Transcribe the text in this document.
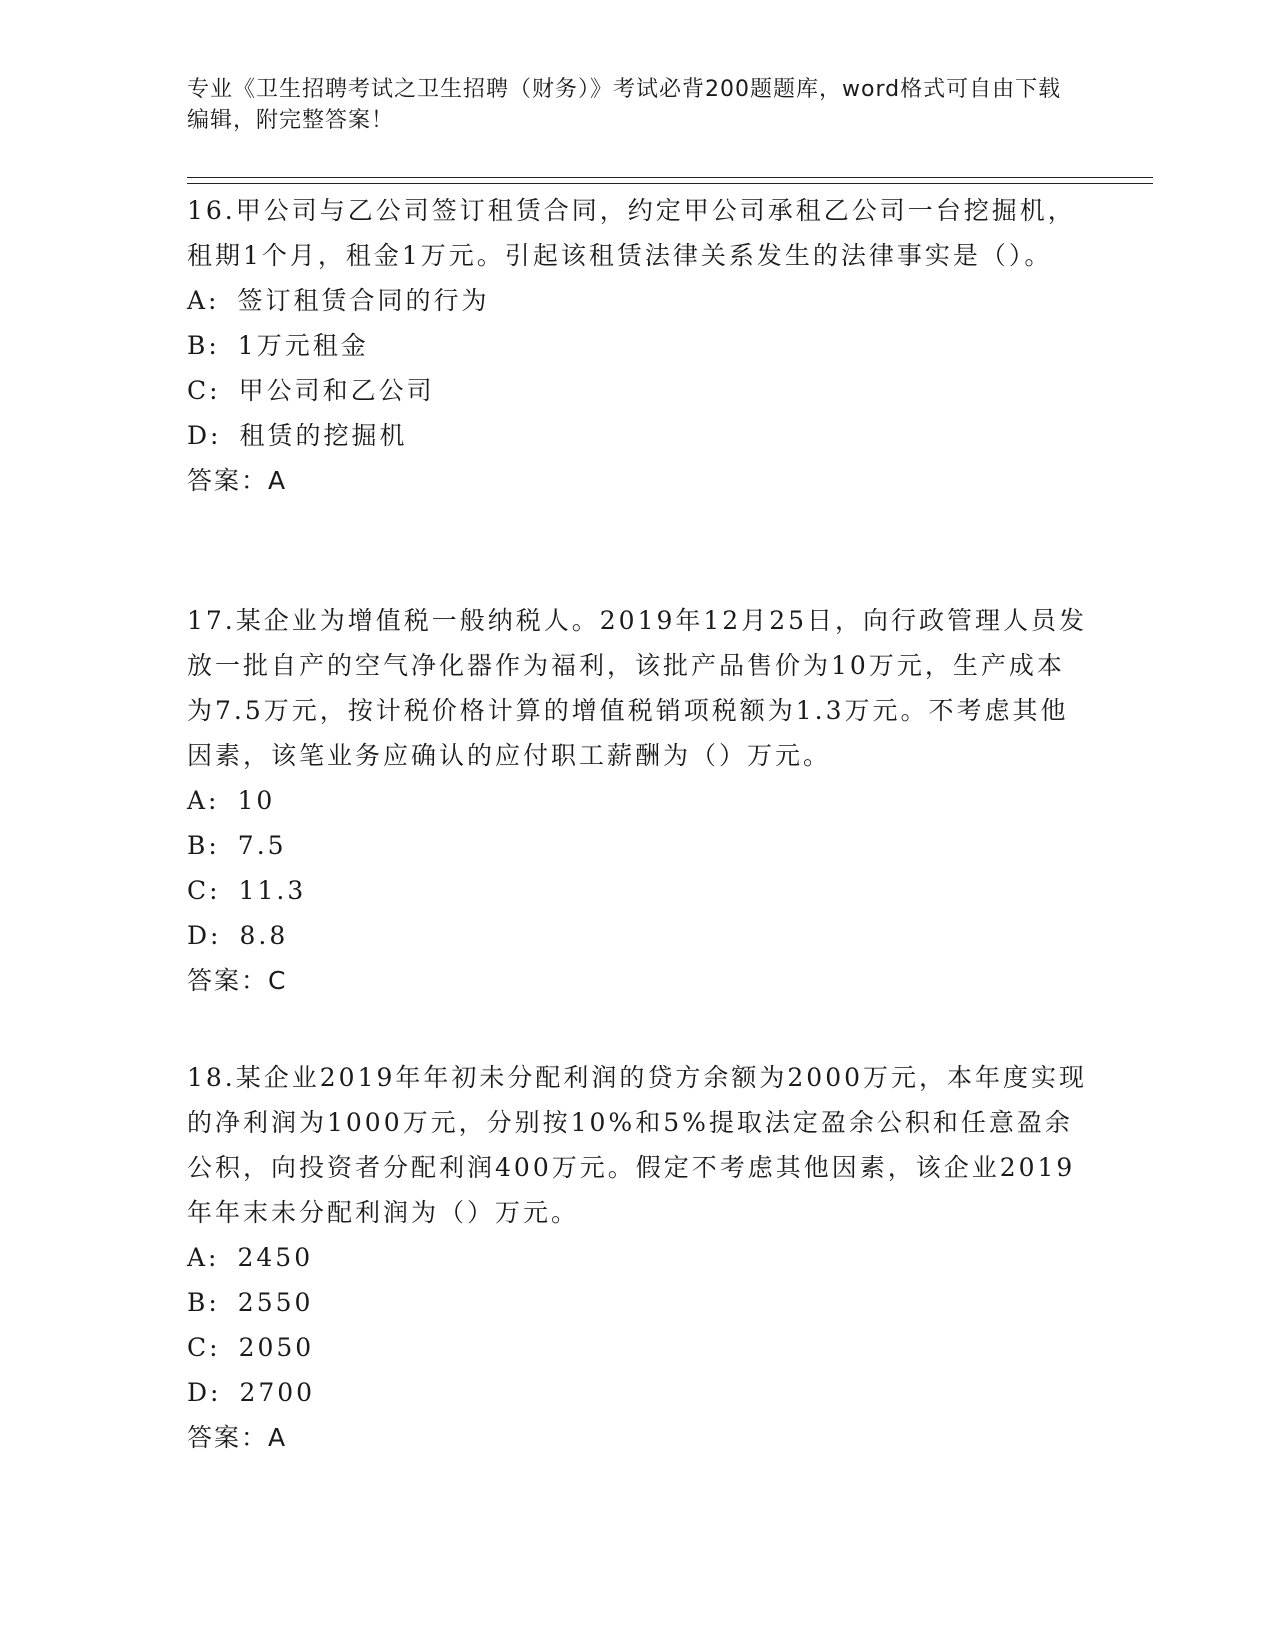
专业《卫生招聘考试之卫生招聘（财务）》考试必背200题题库，word格式可自由下载编辑，附完整答案！

16.甲公司与乙公司签订租赁合同，约定甲公司承租乙公司一台挖掘机，租期1个月，租金1万元。引起该租赁法律关系发生的法律事实是（）。

A: 签订租赁合同的行为

B: 1万元租金

C: 甲公司和乙公司

D: 租赁的挖掘机

答案：A

17.某企业为增值税一般纳税人。2019年12月25日，向行政管理人员发放一批自产的空气净化器作为福利，该批产品售价为10万元，生产成本为7.5万元，按计税价格计算的增值税销项税额为1.3万元。不考虑其他因素，该笔业务应确认的应付职工薪酬为（）万元。

A: 10

B: 7.5

C: 11.3

D: 8.8

答案：C

18.某企业2019年年初未分配利润的贷方余额为2000万元，本年度实现的净利润为1000万元，分别按10%和5%提取法定盈余公积和任意盈余公积，向投资者分配利润400万元。假定不考虑其他因素，该企业2019年年末未分配利润为（）万元。

A: 2450

B: 2550

C: 2050

D: 2700

答案：A
